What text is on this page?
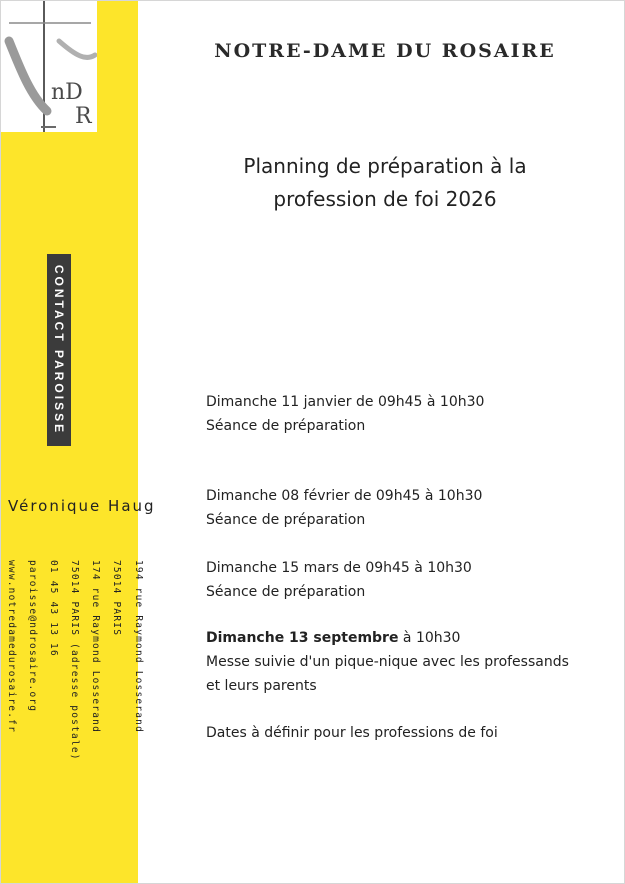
nD
R
CONTACT PAROISSE
Véronique Haug
194 rue Raymond Losserand
75014 PARIS
174 rue Raymond Losserand
75014 PARIS (adresse postale)
01 45 43 13 16
paroisse@ndrosaire.org
www.notredamedurosaire.fr
NOTRE-DAME DU ROSAIRE
Planning de préparation à la
profession de foi 2026
Dimanche 11 janvier de 09h45 à 10h30
Séance de préparation
Dimanche 08 février de 09h45 à 10h30
Séance de préparation
Dimanche 15 mars de 09h45 à 10h30
Séance de préparation
Dimanche 13 septembre à 10h30
Messe suivie d'un pique-nique avec les professands
et leurs parents
Dates à définir pour les professions de foi
